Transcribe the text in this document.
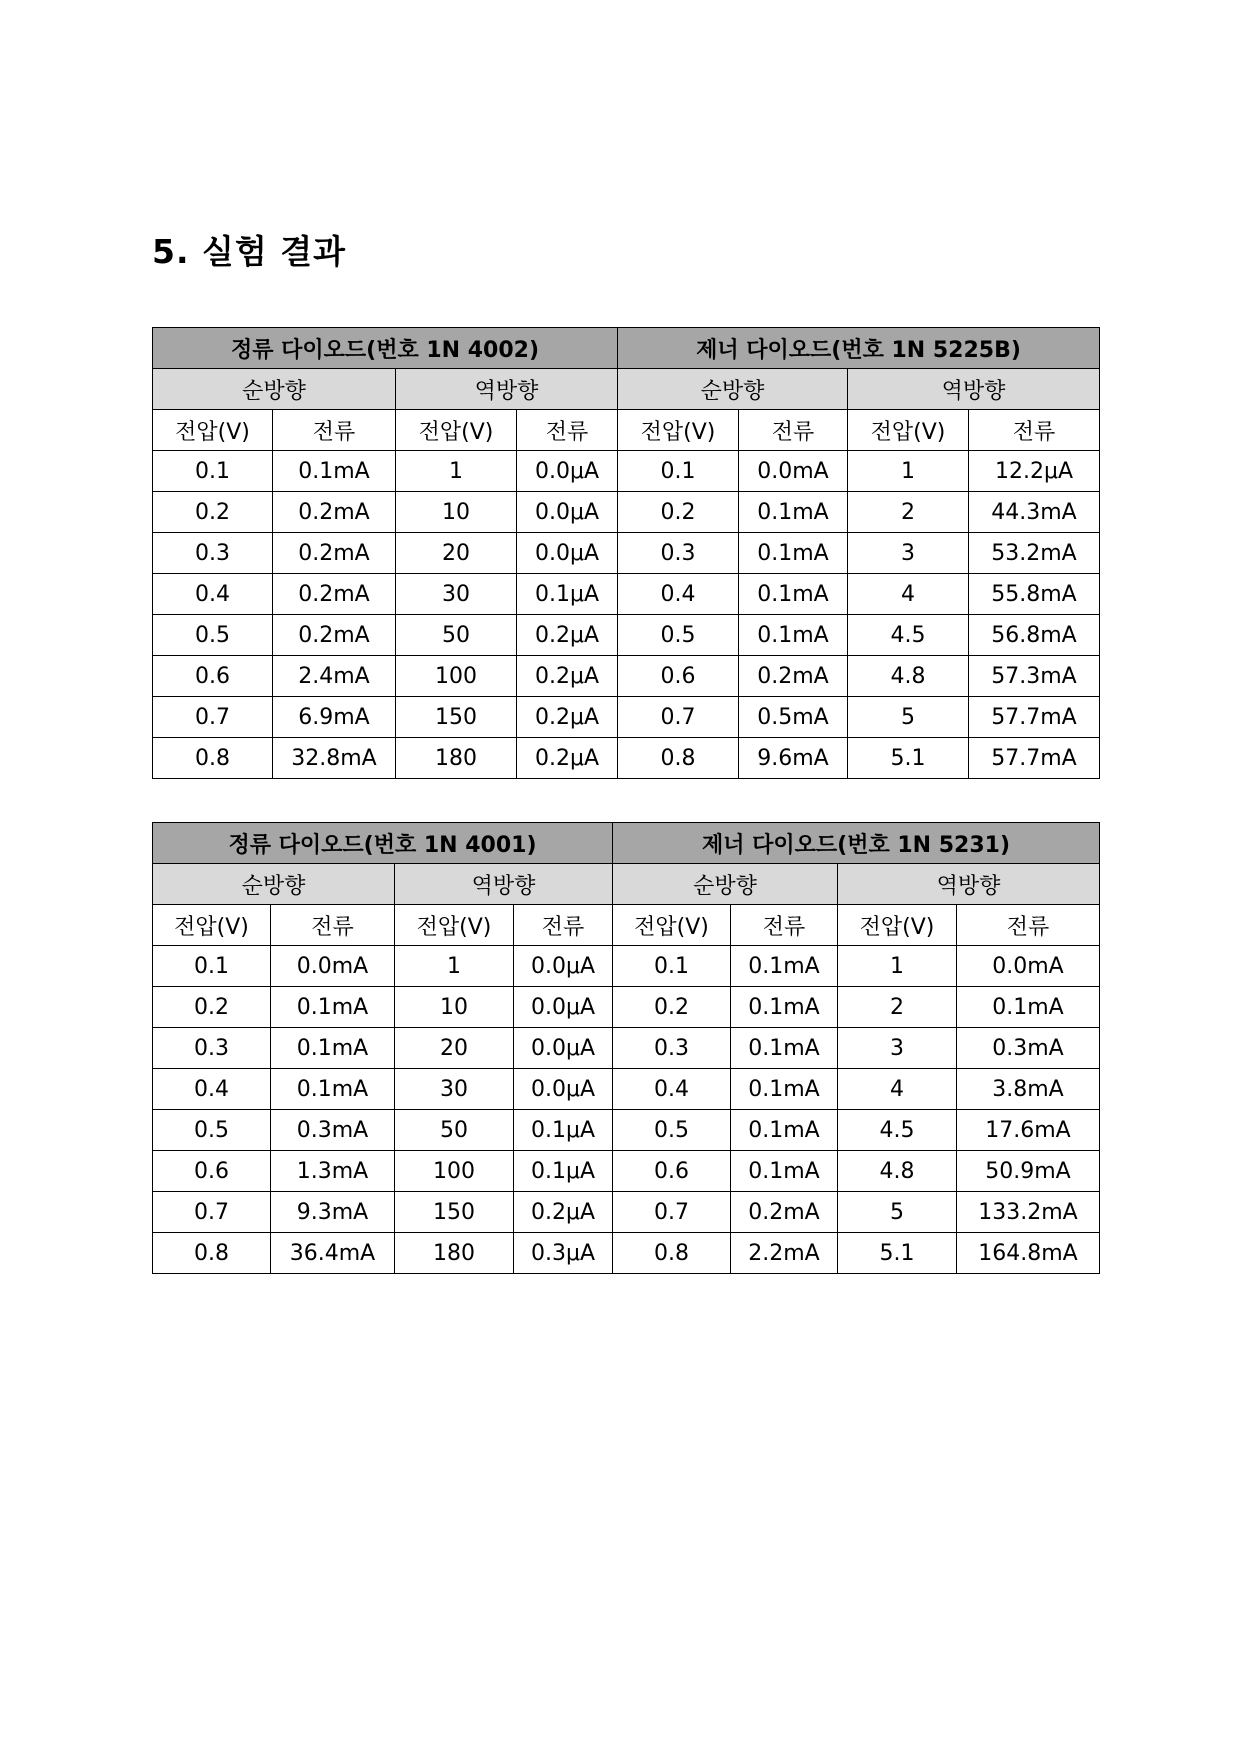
5. 실험 결과
정류 다이오드(번호 1N 4002)				제너 다이오드(번호 1N 5225B)			
순방향		역방향		순방향		역방향	
전압(V)	전류	전압(V)	전류	전압(V)	전류	전압(V)	전류
0.1	0.1mA	1	0.0μA	0.1	0.0mA	1	12.2μA
0.2	0.2mA	10	0.0μA	0.2	0.1mA	2	44.3mA
0.3	0.2mA	20	0.0μA	0.3	0.1mA	3	53.2mA
0.4	0.2mA	30	0.1μA	0.4	0.1mA	4	55.8mA
0.5	0.2mA	50	0.2μA	0.5	0.1mA	4.5	56.8mA
0.6	2.4mA	100	0.2μA	0.6	0.2mA	4.8	57.3mA
0.7	6.9mA	150	0.2μA	0.7	0.5mA	5	57.7mA
0.8	32.8mA	180	0.2μA	0.8	9.6mA	5.1	57.7mA
정류 다이오드(번호 1N 4001)				제너 다이오드(번호 1N 5231)			
순방향		역방향		순방향		역방향	
전압(V)	전류	전압(V)	전류	전압(V)	전류	전압(V)	전류
0.1	0.0mA	1	0.0μA	0.1	0.1mA	1	0.0mA
0.2	0.1mA	10	0.0μA	0.2	0.1mA	2	0.1mA
0.3	0.1mA	20	0.0μA	0.3	0.1mA	3	0.3mA
0.4	0.1mA	30	0.0μA	0.4	0.1mA	4	3.8mA
0.5	0.3mA	50	0.1μA	0.5	0.1mA	4.5	17.6mA
0.6	1.3mA	100	0.1μA	0.6	0.1mA	4.8	50.9mA
0.7	9.3mA	150	0.2μA	0.7	0.2mA	5	133.2mA
0.8	36.4mA	180	0.3μA	0.8	2.2mA	5.1	164.8mA
